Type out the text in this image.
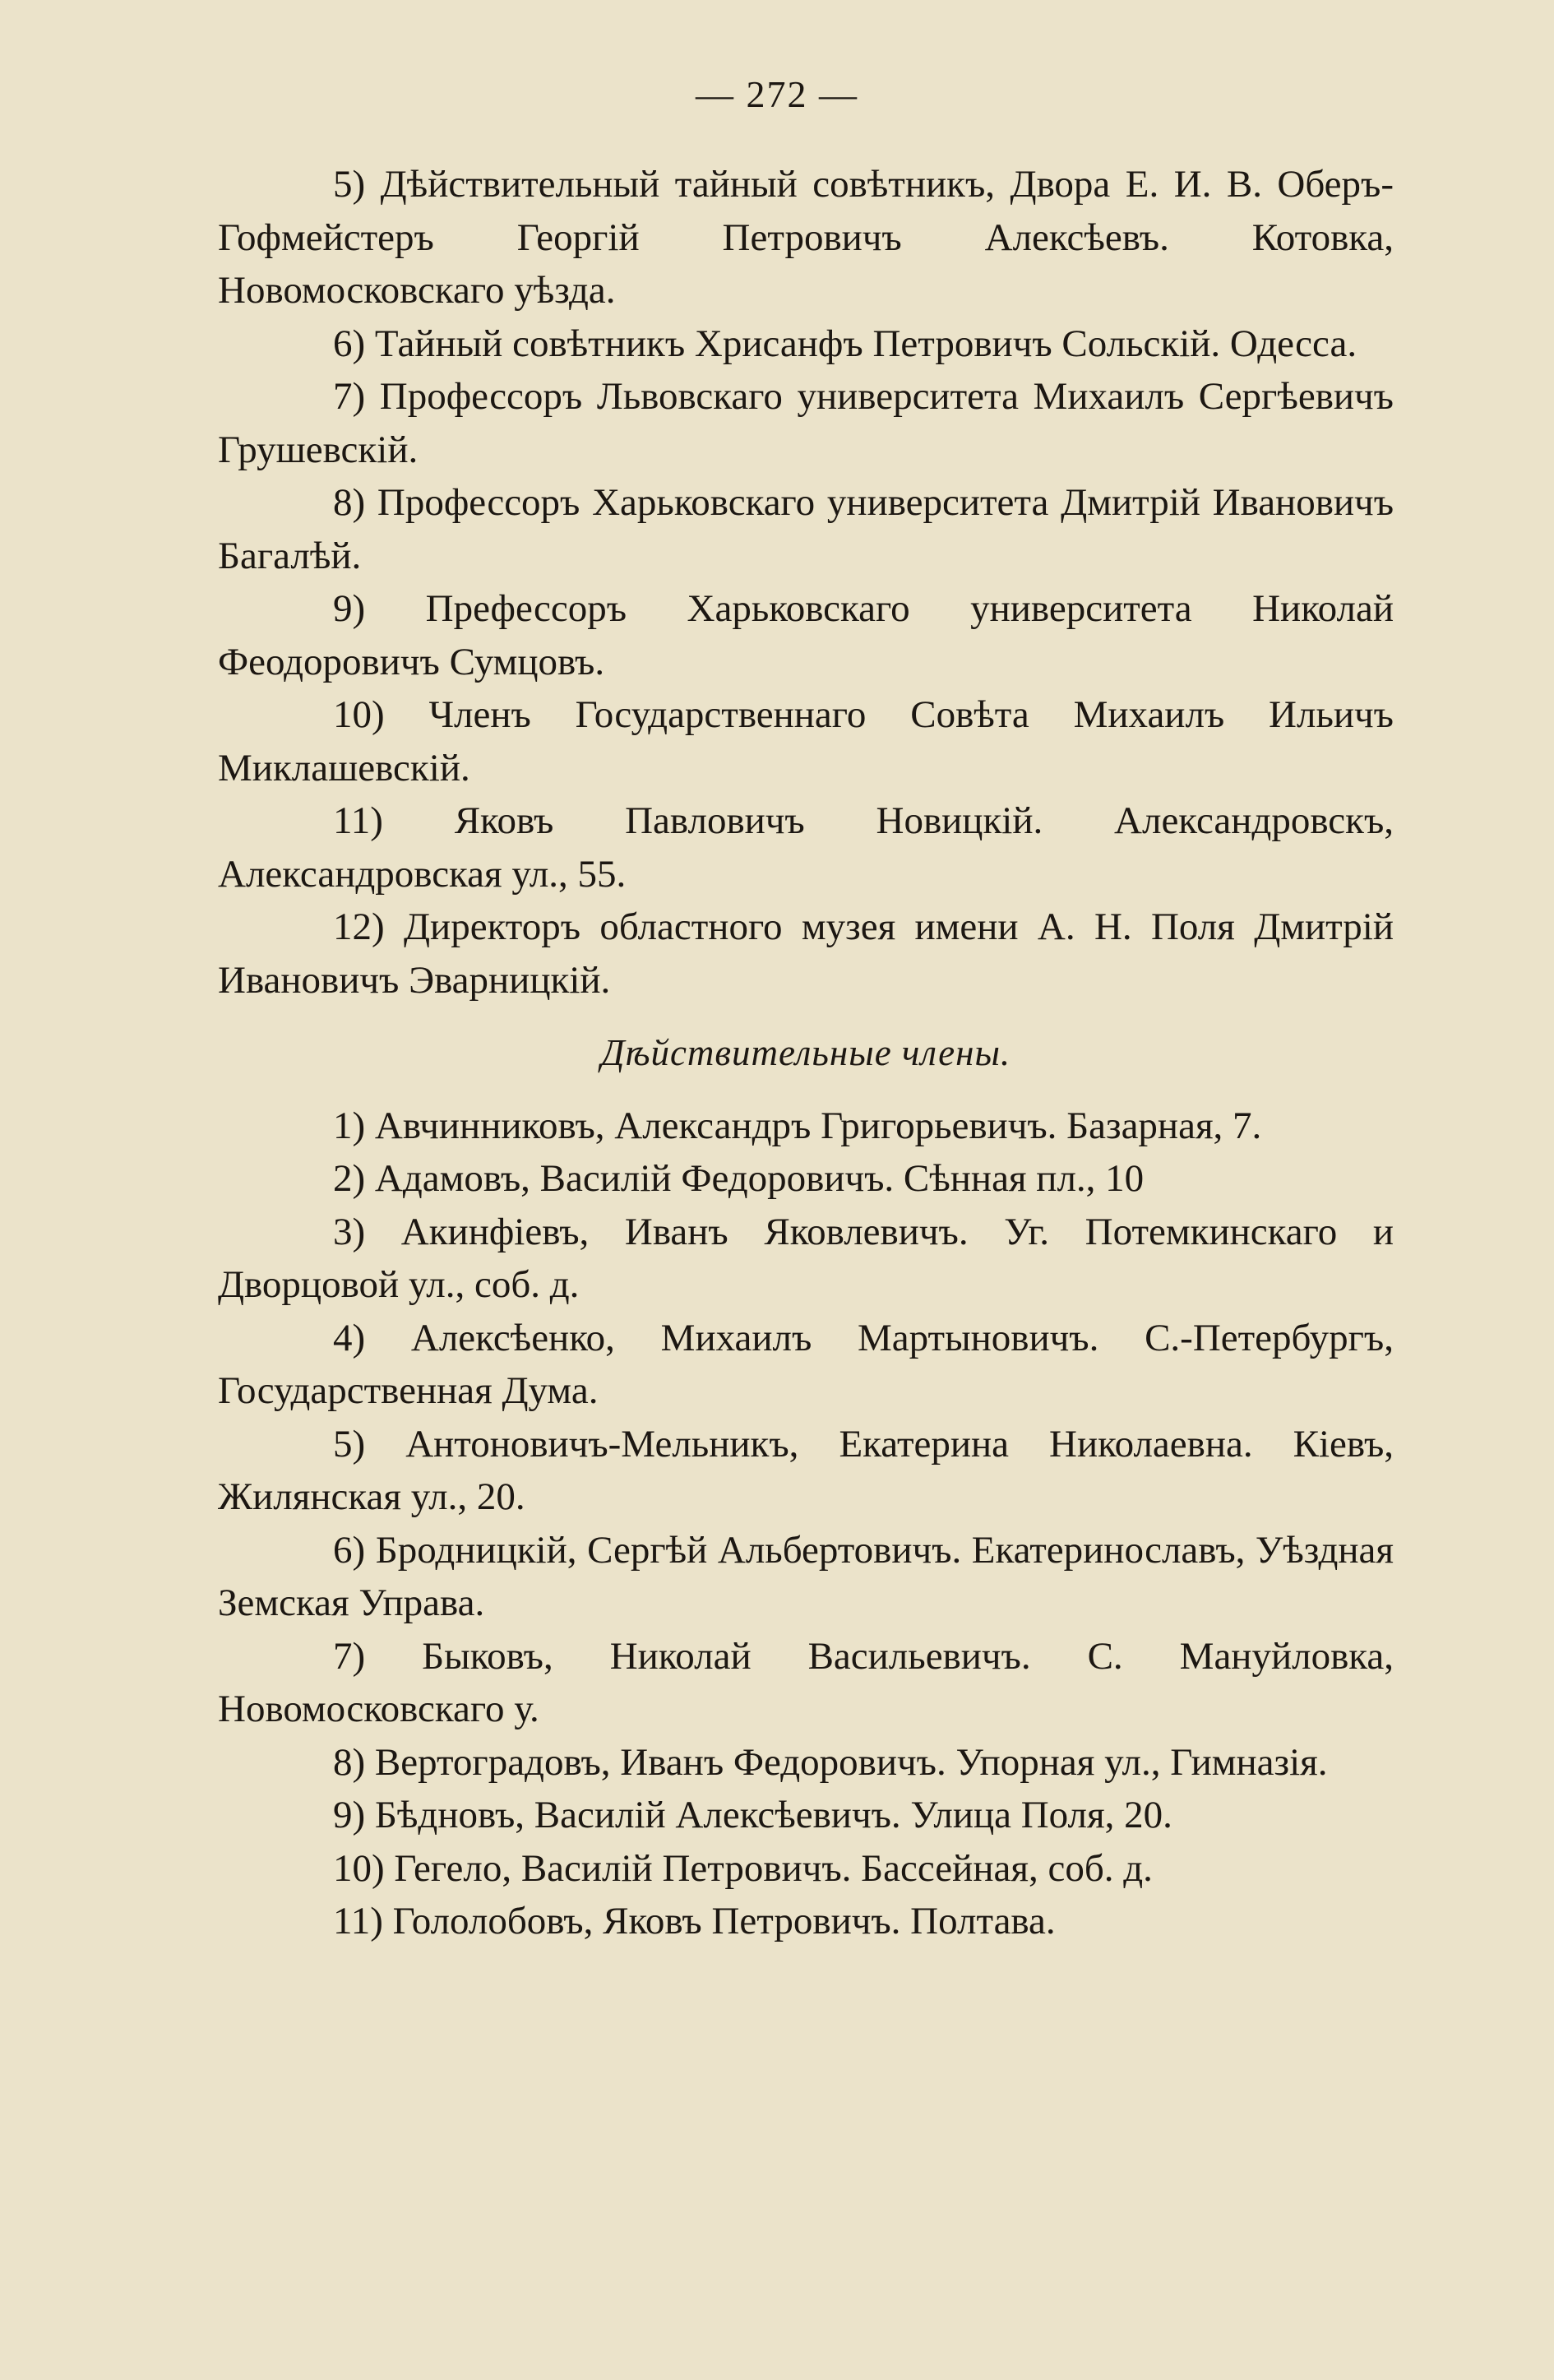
— 272 —

5) Дѣйствительный тайный совѣтникъ, Двора Е. И. В. Оберъ-Гофмейстеръ Георгій Петровичъ Алексѣевъ. Котовка, Новомосковскаго уѣзда.

6) Тайный совѣтникъ Хрисанфъ Петровичъ Сольскій. Одесса.

7) Профессоръ Львовскаго университета Михаилъ Сергѣевичъ Грушевскій.

8) Профессоръ Харьковскаго университета Дмитрій Ивановичъ Багалѣй.

9) Префессоръ Харьковскаго университета Николай Феодоровичъ Сумцовъ.

10) Членъ Государственнаго Совѣта Михаилъ Ильичъ Миклашевскій.

11) Яковъ Павловичъ Новицкій. Александровскъ, Александровская ул., 55.

12) Директоръ областного музея имени А. Н. Поля Дмитрій Ивановичъ Эварницкій.

Дѣйствительные члены.

1) Авчинниковъ, Александръ Григорьевичъ. Базарная, 7.

2) Адамовъ, Василій Федоровичъ. Сѣнная пл., 10

3) Акинфіевъ, Иванъ Яковлевичъ. Уг. Потемкинскаго и Дворцовой ул., соб. д.

4) Алексѣенко, Михаилъ Мартыновичъ. С.-Петербургъ, Государственная Дума.

5) Антоновичъ-Мельникъ, Екатерина Николаевна. Кіевъ, Жилянская ул., 20.

6) Бродницкій, Сергѣй Альбертовичъ. Екатеринославъ, Уѣздная Земская Управа.

7) Быковъ, Николай Васильевичъ. С. Мануйловка, Новомосковскаго у.

8) Вертоградовъ, Иванъ Федоровичъ. Упорная ул., Гимназія.

9) Бѣдновъ, Василій Алексѣевичъ. Улица Поля, 20.

10) Гегело, Василій Петровичъ. Бассейная, соб. д.

11) Гололобовъ, Яковъ Петровичъ. Полтава.
